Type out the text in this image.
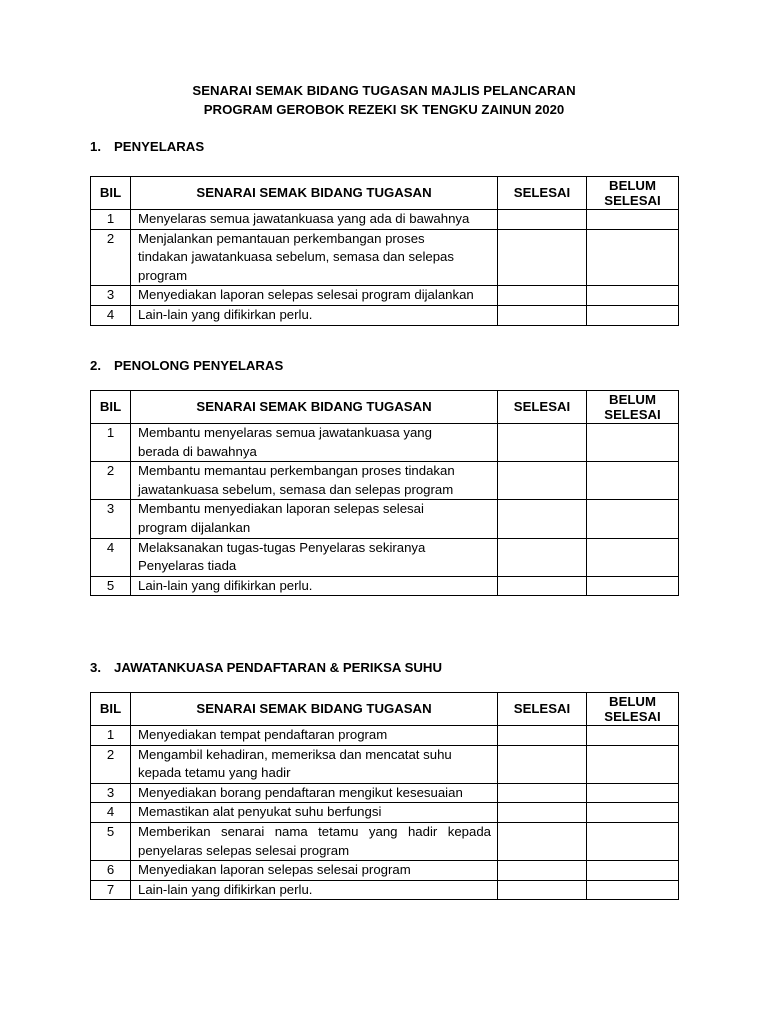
SENARAI SEMAK BIDANG TUGASAN MAJLIS PELANCARAN
PROGRAM GEROBOK REZEKI SK TENGKU ZAINUN 2020
1. PENYELARAS
BIL	SENARAI SEMAK BIDANG TUGASAN	SELESAI	BELUM
SELESAI
1	Menyelaras semua jawatankuasa yang ada di bawahnya		

2	Menjalankan pemantauan perkembangan proses
tindakan jawatankuasa sebelum, semasa dan selepas
program		

3	Menyediakan laporan selepas selesai program dijalankan		

4	Lain-lain yang difikirkan perlu.		

2. PENOLONG PENYELARAS
BIL	SENARAI SEMAK BIDANG TUGASAN	SELESAI	BELUM
SELESAI
1	Membantu menyelaras semua jawatankuasa yang
berada di bawahnya		

2	Membantu memantau perkembangan proses tindakan
jawatankuasa sebelum, semasa dan selepas program		

3	Membantu menyediakan laporan selepas selesai
program dijalankan		

4	Melaksanakan tugas-tugas Penyelaras sekiranya
Penyelaras tiada		

5	Lain-lain yang difikirkan perlu.		

3. JAWATANKUASA PENDAFTARAN & PERIKSA SUHU
BIL	SENARAI SEMAK BIDANG TUGASAN	SELESAI	BELUM
SELESAI
1	Menyediakan tempat pendaftaran program		

2	Mengambil kehadiran, memeriksa dan mencatat suhu
kepada tetamu yang hadir		

3	Menyediakan borang pendaftaran mengikut kesesuaian		

4	Memastikan alat penyukat suhu berfungsi		

5	Memberikan senarai nama tetamu yang hadir kepada
penyelaras selepas selesai program		

6	Menyediakan laporan selepas selesai program		

7	Lain-lain yang difikirkan perlu.		
